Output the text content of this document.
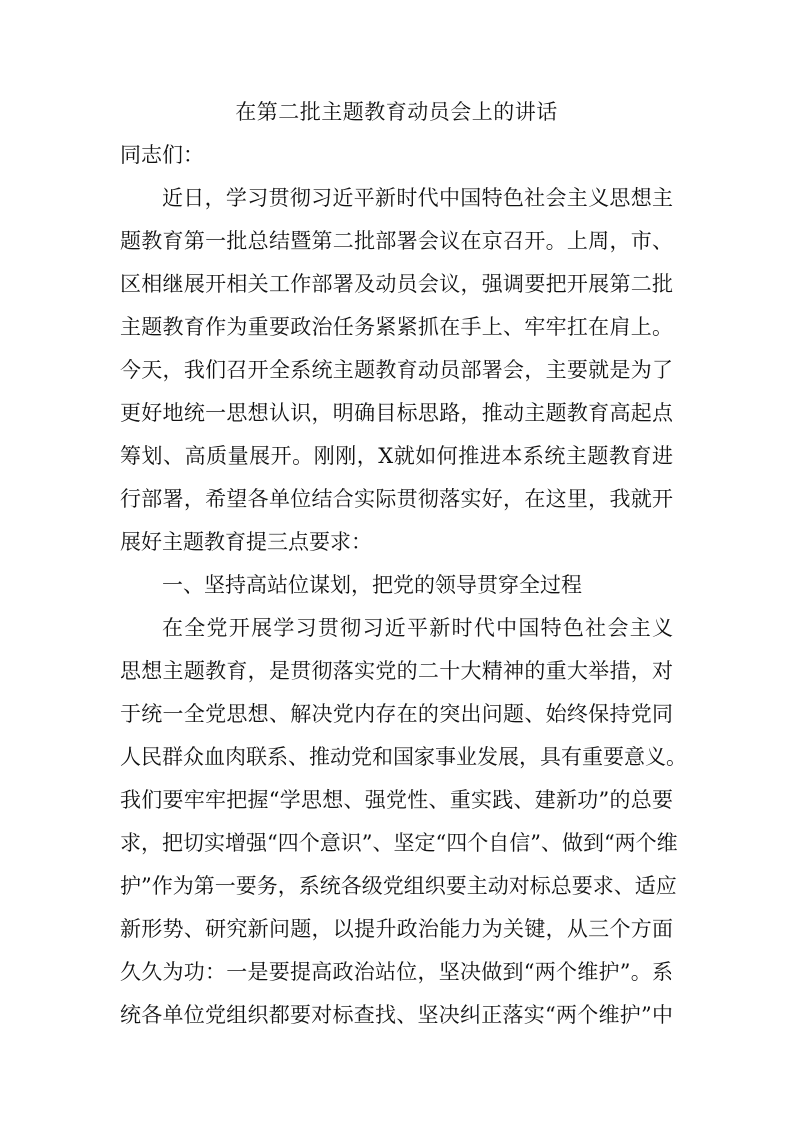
在第二批主题教育动员会上的讲话
同志们：
近日，学习贯彻习近平新时代中国特色社会主义思想主
题教育第一批总结暨第二批部署会议在京召开。上周，市、
区相继展开相关工作部署及动员会议，强调要把开展第二批
主题教育作为重要政治任务紧紧抓在手上、牢牢扛在肩上。
今天，我们召开全系统主题教育动员部署会，主要就是为了
更好地统一思想认识，明确目标思路，推动主题教育高起点
筹划、高质量展开。刚刚，X就如何推进本系统主题教育进
行部署，希望各单位结合实际贯彻落实好，在这里，我就开
展好主题教育提三点要求：
一、坚持高站位谋划，把党的领导贯穿全过程
在全党开展学习贯彻习近平新时代中国特色社会主义
思想主题教育，是贯彻落实党的二十大精神的重大举措，对
于统一全党思想、解决党内存在的突出问题、始终保持党同
人民群众血肉联系、推动党和国家事业发展，具有重要意义。
我们要牢牢把握“学思想、强党性、重实践、建新功”的总要
求，把切实增强“四个意识”、坚定“四个自信”、做到“两个维
护”作为第一要务，系统各级党组织要主动对标总要求、适应
新形势、研究新问题，以提升政治能力为关键，从三个方面
久久为功：一是要提高政治站位，坚决做到“两个维护”。系
统各单位党组织都要对标查找、坚决纠正落实“两个维护”中
